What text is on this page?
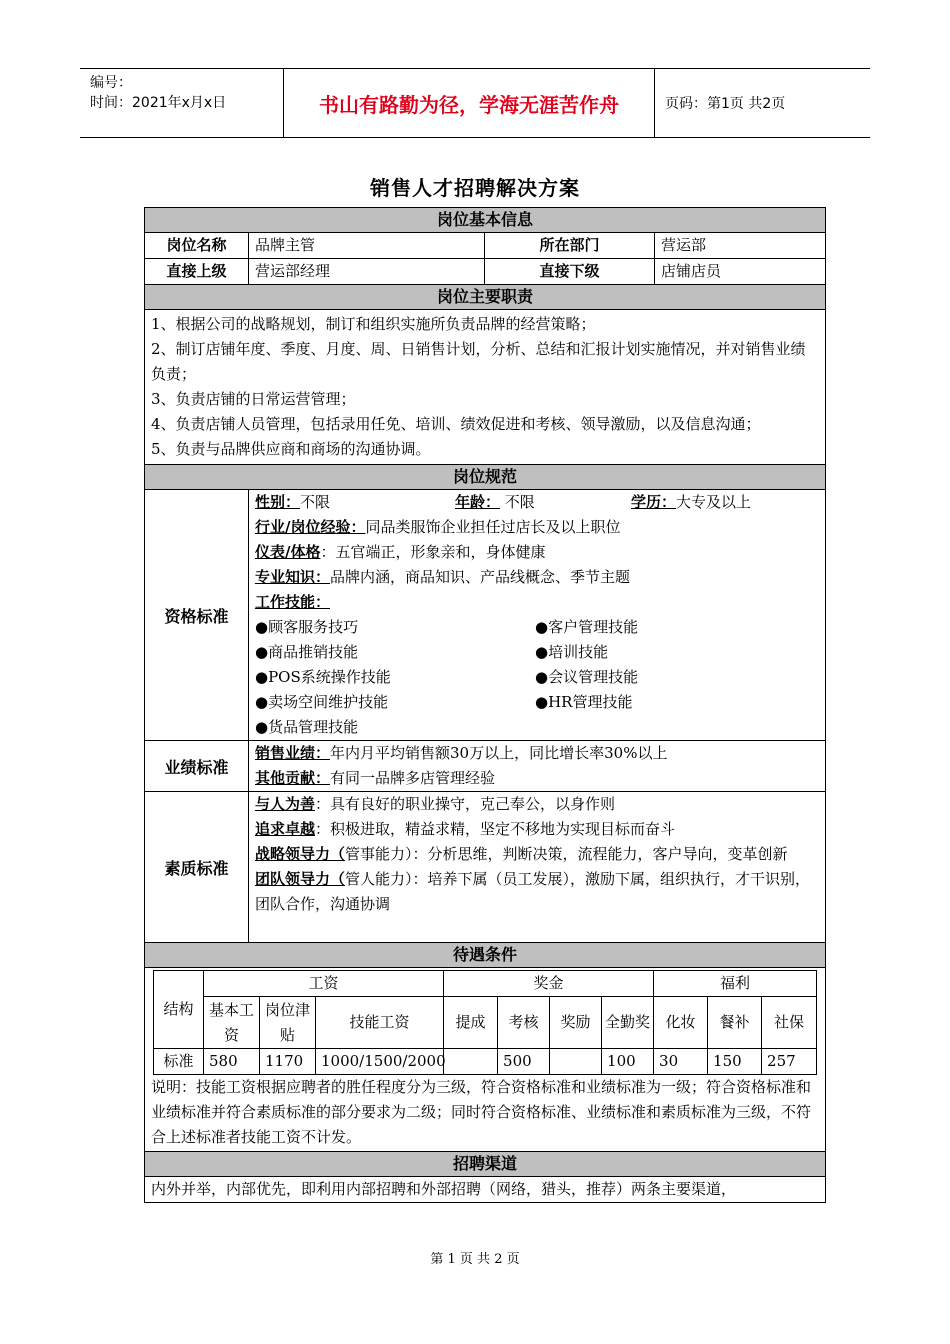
编号：
时间：2021年x月x日	书山有路勤为径，学海无涯苦作舟	页码：第1页 共2页
销售人才招聘解决方案
岗位基本信息
岗位名称	品牌主管	所在部门	营运部
直接上级	营运部经理	直接下级	店铺店员
岗位主要职责

1、根据公司的战略规划，制订和组织实施所负责品牌的经营策略；
2、制订店铺年度、季度、月度、周、日销售计划，分析、总结和汇报计划实施情况，并对销售业绩负责；
3、负责店铺的日常运营管理；
4、负责店铺人员管理，包括录用任免、培训、绩效促进和考核、领导激励，以及信息沟通；
5、负责与品牌供应商和商场的沟通协调。

岗位规范
资格标准	
性别：不限	年龄： 不限	学历：大专及以上
行业/岗位经验：同品类服饰企业担任过店长及以上职位
仪表/体格：五官端正，形象亲和，身体健康
专业知识：品牌内涵，商品知识、产品线概念、季节主题
工作技能：
●顾客服务技巧	●客户管理技能
●商品推销技能	●培训技能
●POS系统操作技能	●会议管理技能
●卖场空间维护技能	●HR管理技能
●货品管理技能

业绩标准	
销售业绩：年内月平均销售额30万以上，同比增长率30%以上
其他贡献：有同一品牌多店管理经验

素质标准	
与人为善：具有良好的职业操守，克己奉公，以身作则
追求卓越：积极进取，精益求精，坚定不移地为实现目标而奋斗
战略领导力（管事能力）：分析思维，判断决策，流程能力，客户导向，变革创新
团队领导力（管人能力）：培养下属（员工发展），激励下属，组织执行，才干识别，团队合作，沟通协调

待遇条件

结构	工资	奖金	福利
基本工资	岗位津贴	技能工资	提成	考核	奖励	全勤奖	化妆	餐补	社保
标准	580	1170	1000/1500/2000		500		100	30	150	257
说明：技能工资根据应聘者的胜任程度分为三级，符合资格标准和业绩标准为一级；符合资格标准和业绩标准并符合素质标准的部分要求为二级；同时符合资格标准、业绩标准和素质标准为三级，不符合上述标准者技能工资不计发。

招聘渠道
内外并举，内部优先，即利用内部招聘和外部招聘（网络，猎头，推荐）两条主要渠道，
第 1 页 共 2 页
